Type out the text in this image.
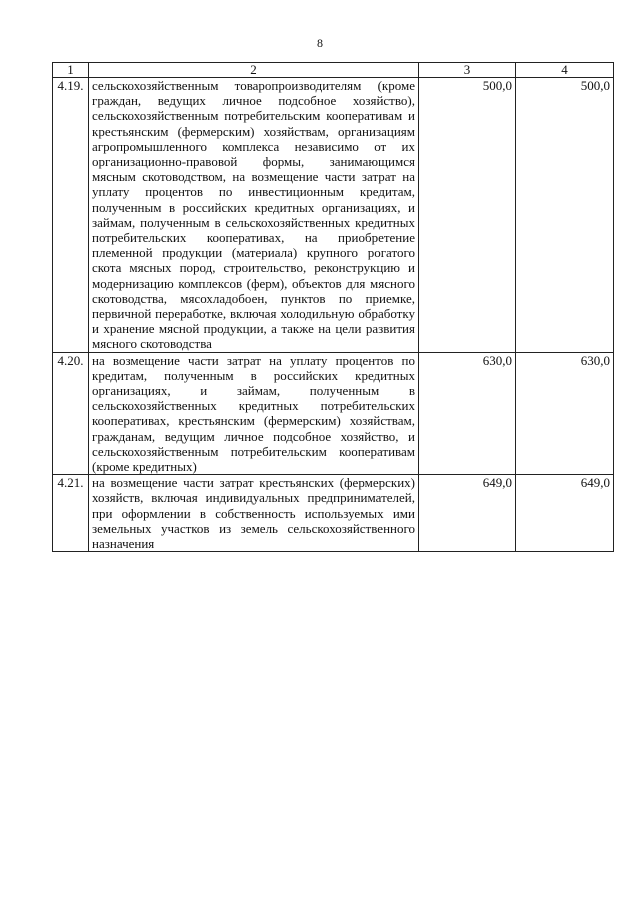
8
1	2	3	4
4.19.	сельскохозяйственным товаропроизводителям (кроме граждан, ведущих личное подсобное хозяйство), сельскохозяйственным потребительским кооперативам и крестьянским (фермерским) хозяйствам, организациям агропромышленного комплекса независимо от их организационно-правовой формы, занимающимся мясным скотоводством, на возмещение части затрат на уплату процентов по инвестиционным кредитам, полученным в российских кредитных организациях, и займам, полученным в сельскохозяйственных кредитных потребительских кооперативах, на приобретение племенной продукции (материала) крупного рогатого скота мясных пород, строительство, реконструкцию и модернизацию комплексов (ферм), объектов для мясного скотоводства, мясохладобоен, пунктов по приемке, первичной переработке, включая холодильную обработку и хранение мясной продукции, а также на цели развития мясного скотоводства	500,0	500,0
4.20.	на возмещение части затрат на уплату процентов по кредитам, полученным в российских кредитных организациях, и займам, полученным в сельскохозяйственных кредитных потребительских кооперативах, крестьянским (фермерским) хозяйствам, гражданам, ведущим личное подсобное хозяйство, и сельскохозяйственным потребительским кооперативам (кроме кредитных)	630,0	630,0
4.21.	на возмещение части затрат крестьянских (фермерских) хозяйств, включая индивидуальных предпринимателей, при оформлении в собственность используемых ими земельных участков из земель сельскохозяйственного назначения	649,0	649,0
